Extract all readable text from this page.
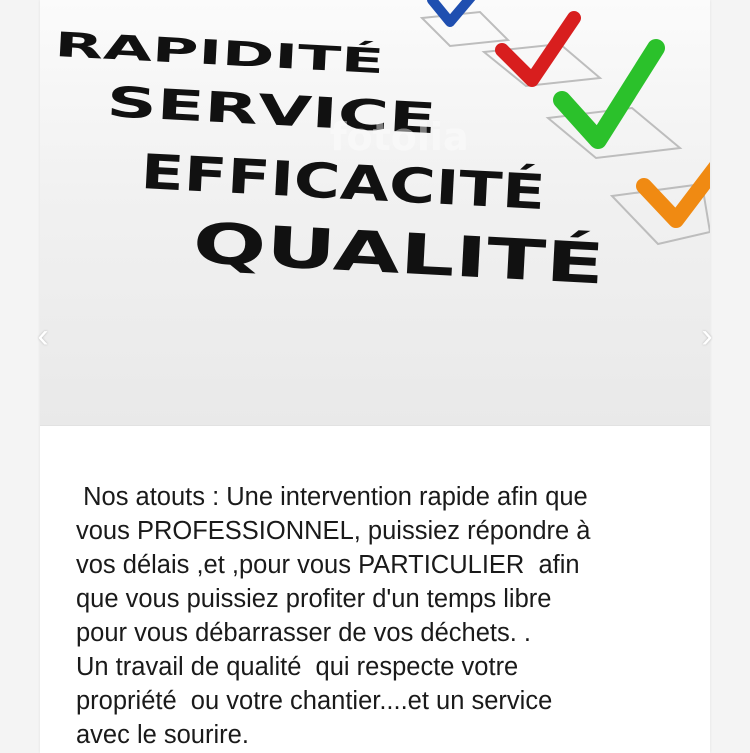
RAPIDITÉ
SERVICE
EFFICACITÉ
QUALITÉ
fotolia
‹	›
Nos atouts : Une intervention rapide afin que
vous PROFESSIONNEL, puissiez répondre à
vos délais ,et ,pour vous PARTICULIER  afin
que vous puissiez profiter d'un temps libre
pour vous débarrasser de vos déchets. .
Un travail de qualité  qui respecte votre
propriété  ou votre chantier....et un service
avec le sourire.
